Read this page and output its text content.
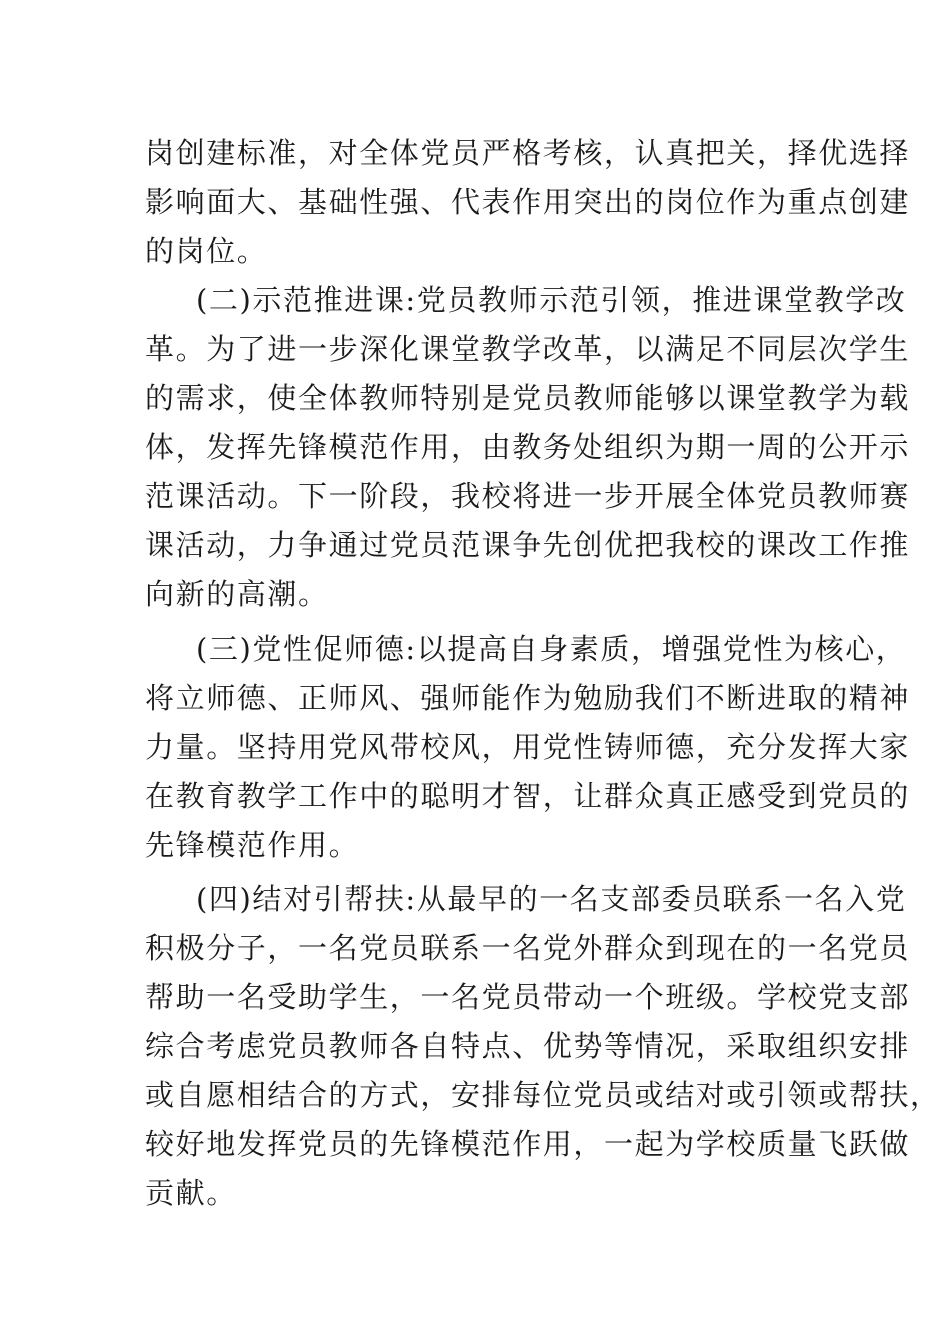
岗创建标准，对全体党员严格考核，认真把关，择优选择
影响面大、基础性强、代表作用突出的岗位作为重点创建
的岗位。
(二)示范推进课:党员教师示范引领，推进课堂教学改
革。为了进一步深化课堂教学改革，以满足不同层次学生
的需求，使全体教师特别是党员教师能够以课堂教学为载
体，发挥先锋模范作用，由教务处组织为期一周的公开示
范课活动。下一阶段，我校将进一步开展全体党员教师赛
课活动，力争通过党员范课争先创优把我校的课改工作推
向新的高潮。
(三)党性促师德:以提高自身素质，增强党性为核心，
将立师德、正师风、强师能作为勉励我们不断进取的精神
力量。坚持用党风带校风，用党性铸师德，充分发挥大家
在教育教学工作中的聪明才智，让群众真正感受到党员的
先锋模范作用。
(四)结对引帮扶:从最早的一名支部委员联系一名入党
积极分子，一名党员联系一名党外群众到现在的一名党员
帮助一名受助学生，一名党员带动一个班级。学校党支部
综合考虑党员教师各自特点、优势等情况，采取组织安排
或自愿相结合的方式，安排每位党员或结对或引领或帮扶，
较好地发挥党员的先锋模范作用，一起为学校质量飞跃做
贡献。
